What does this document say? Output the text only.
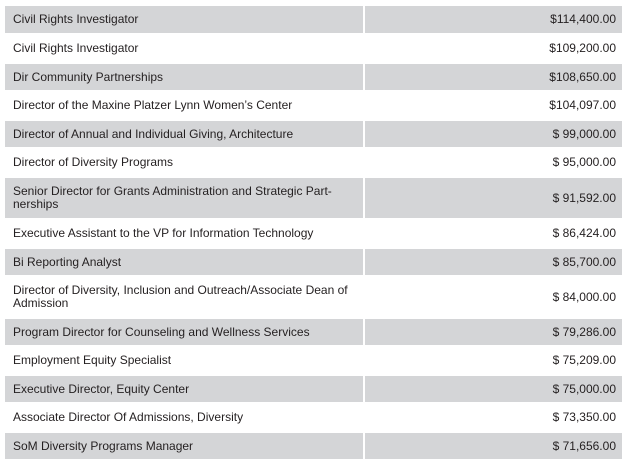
Civil Rights Investigator	$114,400.00
Civil Rights Investigator	$109,200.00
Dir Community Partnerships	$108,650.00
Director of the Maxine Platzer Lynn Women’s Center	$104,097.00
Director of Annual and Individual Giving, Architecture	$ 99,000.00
Director of Diversity Programs	$ 95,000.00
Senior Director for Grants Administration and Strategic Part-
nerships	$ 91,592.00
Executive Assistant to the VP for Information Technology	$ 86,424.00
Bi Reporting Analyst	$ 85,700.00
Director of Diversity, Inclusion and Outreach/Associate Dean of
Admission	$ 84,000.00
Program Director for Counseling and Wellness Services	$ 79,286.00
Employment Equity Specialist	$ 75,209.00
Executive Director, Equity Center	$ 75,000.00
Associate Director Of Admissions, Diversity	$ 73,350.00
SoM Diversity Programs Manager	$ 71,656.00
